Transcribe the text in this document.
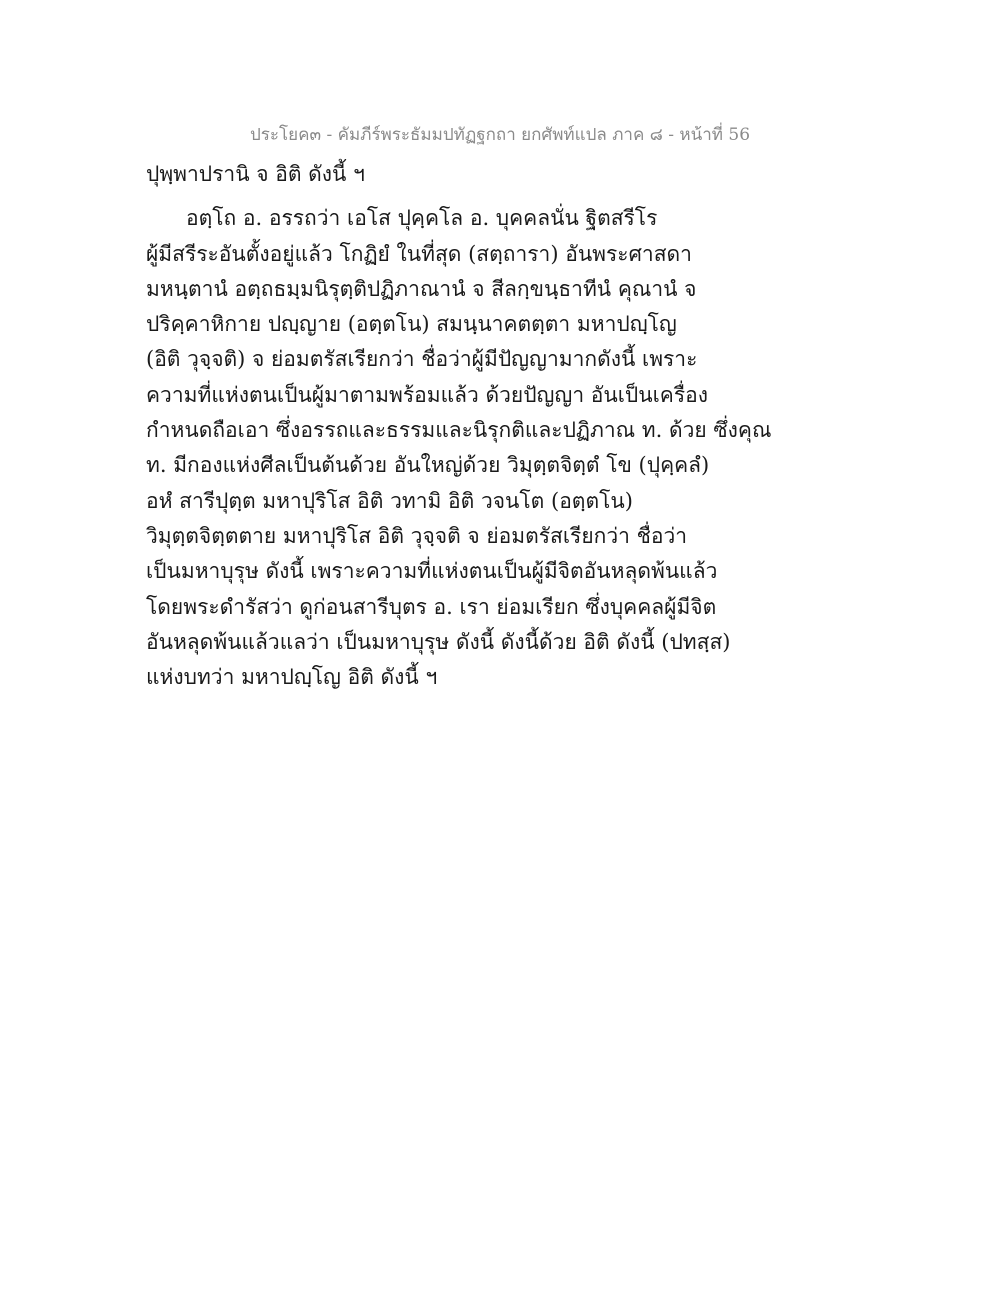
ประโยค๓ - คัมภีร์พระธัมมปทัฏฐกถา ยกศัพท์แปล ภาค ๘ - หน้าที่ 56
ปุพฺพาปรานิ จ อิติ ดังนี้ ฯ
อตฺโถ อ. อรรถว่า เอโส ปุคฺคโล อ. บุคคลนั่น ฐิตสรีโร
ผู้มีสรีระอันตั้งอยู่แล้ว โกฏิยํ ในที่สุด (สตฺถารา) อันพระศาสดา
มหนฺตานํ อตฺถธมฺมนิรุตฺติปฏิภาณานํ จ สีลกฺขนฺธาทีนํ คุณานํ จ
ปริคฺคาหิกาย ปญฺญาย (อตฺตโน) สมนฺนาคตตฺตา มหาปญฺโญ
(อิติ วุจฺจติ) จ ย่อมตรัสเรียกว่า ชื่อว่าผู้มีปัญญามากดังนี้ เพราะ
ความที่แห่งตนเป็นผู้มาตามพร้อมแล้ว ด้วยปัญญา อันเป็นเครื่อง
กำหนดถือเอา ซึ่งอรรถและธรรมและนิรุกติและปฏิภาณ ท. ด้วย ซึ่งคุณ
ท. มีกองแห่งศีลเป็นต้นด้วย อันใหญ่ด้วย วิมุตฺตจิตฺตํ โข (ปุคฺคลํ)
อหํ สารีปุตฺต มหาปุริโส อิติ วทามิ อิติ วจนโต (อตฺตโน)
วิมุตฺตจิตฺตตาย มหาปุริโส อิติ วุจฺจติ จ ย่อมตรัสเรียกว่า ชื่อว่า
เป็นมหาบุรุษ ดังนี้ เพราะความที่แห่งตนเป็นผู้มีจิตอันหลุดพ้นแล้ว
โดยพระดำรัสว่า ดูก่อนสารีบุตร อ. เรา ย่อมเรียก ซึ่งบุคคลผู้มีจิต
อันหลุดพ้นแล้วแลว่า เป็นมหาบุรุษ ดังนี้ ดังนี้ด้วย อิติ ดังนี้ (ปทสฺส)
แห่งบทว่า มหาปญฺโญ อิติ ดังนี้ ฯ
